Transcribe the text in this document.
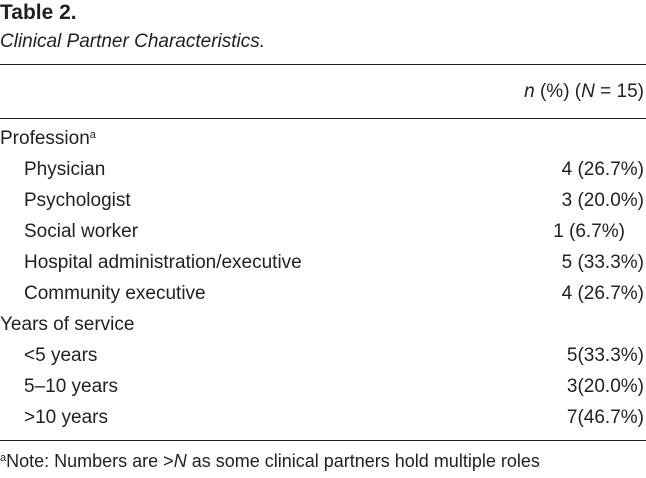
Table 2.
Clinical Partner Characteristics.
n (%) (N = 15)
Profession$^a$
Physician	4 (26.7%)
Psychologist	3 (20.0%)
Social worker	1 (6.7%)
Hospital administration/executive	5 (33.3%)
Community executive	4 (26.7%)
Years of service
<5 years	5(33.3%)
5–10 years	3(20.0%)
>10 years	7(46.7%)
$^a$Note: Numbers are >N as some clinical partners hold multiple roles
